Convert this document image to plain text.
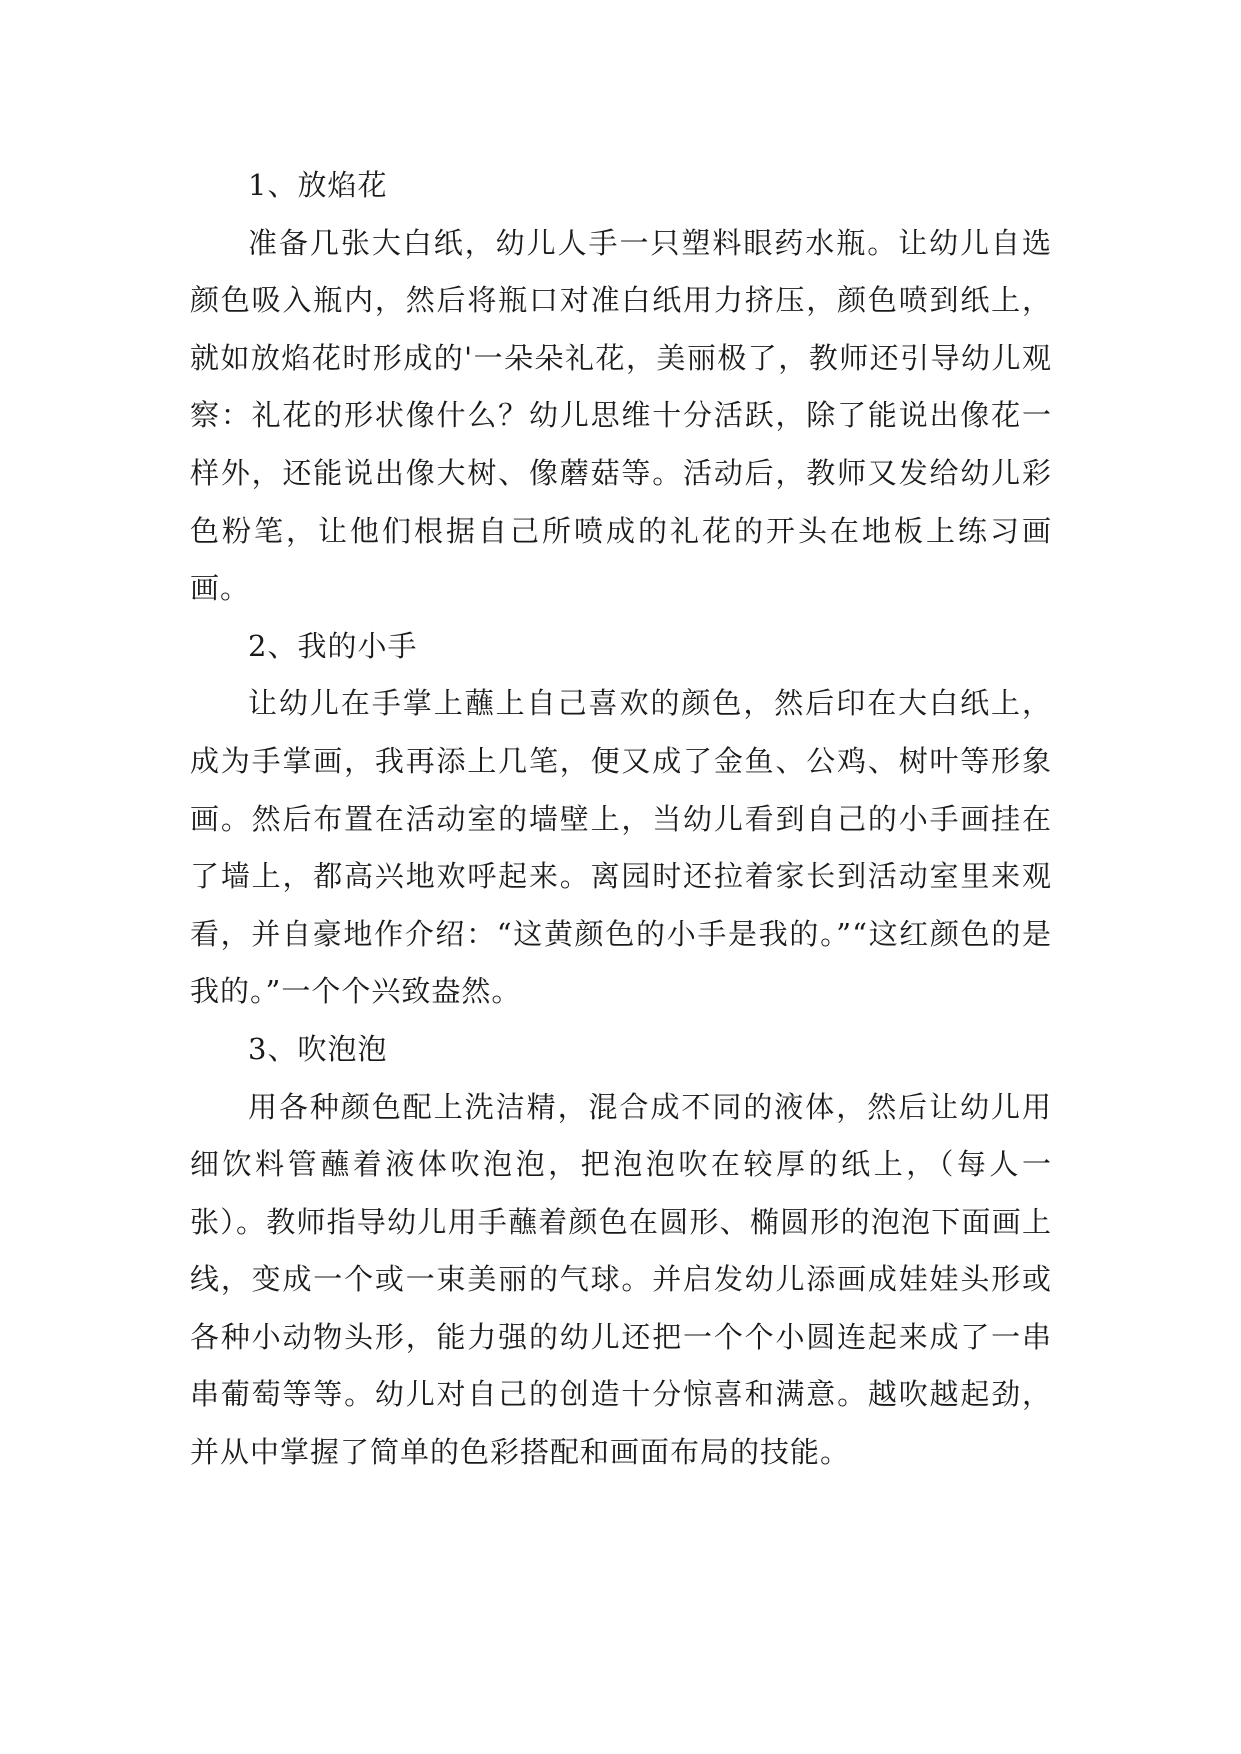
1、放焰花

准备几张大白纸，幼儿人手一只塑料眼药水瓶。让幼儿自选颜色吸入瓶内，然后将瓶口对准白纸用力挤压，颜色喷到纸上，就如放焰花时形成的'一朵朵礼花，美丽极了，教师还引导幼儿观察：礼花的形状像什么？幼儿思维十分活跃，除了能说出像花一样外，还能说出像大树、像蘑菇等。活动后，教师又发给幼儿彩色粉笔，让他们根据自己所喷成的礼花的开头在地板上练习画画。

2、我的小手

让幼儿在手掌上蘸上自己喜欢的颜色，然后印在大白纸上，成为手掌画，我再添上几笔，便又成了金鱼、公鸡、树叶等形象画。然后布置在活动室的墙壁上，当幼儿看到自己的小手画挂在了墙上，都高兴地欢呼起来。离园时还拉着家长到活动室里来观看，并自豪地作介绍：“这黄颜色的小手是我的。”“这红颜色的是我的。”一个个兴致盎然。

3、吹泡泡

用各种颜色配上洗洁精，混合成不同的液体，然后让幼儿用细饮料管蘸着液体吹泡泡，把泡泡吹在较厚的纸上，（每人一张）。教师指导幼儿用手蘸着颜色在圆形、椭圆形的泡泡下面画上线，变成一个或一束美丽的气球。并启发幼儿添画成娃娃头形或各种小动物头形，能力强的幼儿还把一个个小圆连起来成了一串串葡萄等等。幼儿对自己的创造十分惊喜和满意。越吹越起劲，并从中掌握了简单的色彩搭配和画面布局的技能。
